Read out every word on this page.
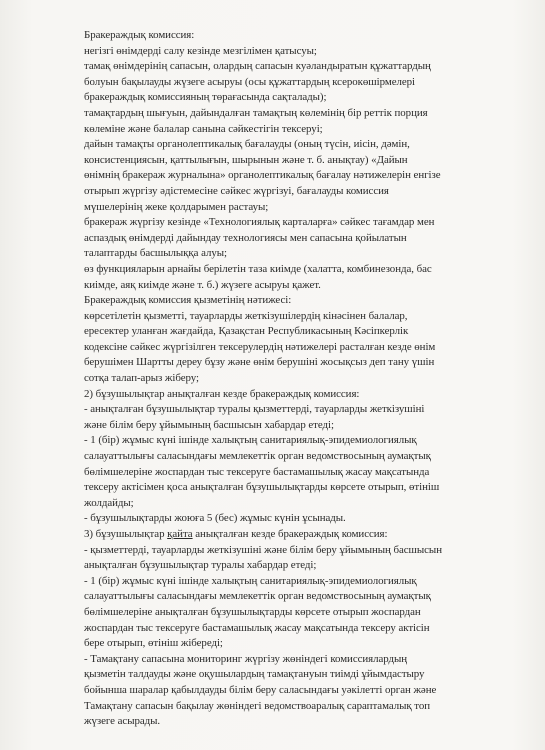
Бракераждық комиссия:
негізгі өнімдерді салу кезінде мезгілімен қатысуы;
тамақ өнімдерінің сапасын, олардың сапасын куәландыратын құжаттардың
болуын бақылауды жүзеге асыруы (осы құжаттардың ксерокөшірмелері
бракераждық комиссияның төрағасында сақталады);
тамақтардың шығуын, дайындалған тамақтың көлемінің бір реттік порция
көлеміне және балалар санына сәйкестігін тексеруі;
дайын тамақты органолептикалық бағалауды (оның түсін, иісін, дәмін,
консистенциясын, қаттылығын, шырынын және т. б. анықтау) «Дайын
өнімнің бракераж журналына» органолептикалық бағалау нәтижелерін енгізе
отырып жүргізу әдістемесіне сәйкес жүргізуі, бағалауды комиссия
мүшелерінің жеке қолдарымен растауы;
бракераж жүргізу кезінде «Технологиялық карталарға» сәйкес тағамдар мен
аспаздық өнімдерді дайындау технологиясы мен сапасына қойылатын
талаптарды басшылыққа алуы;
өз функцияларын арнайы берілетін таза киімде (халатта, комбинезонда, бас
киімде, аяқ киімде және т. б.) жүзеге асыруы қажет.
Бракераждық комиссия қызметінің нәтижесі:
көрсетілетін қызметті, тауарларды жеткізушілердің кінәсінен балалар,
ересектер уланған жағдайда, Қазақстан Республикасының Кәсіпкерлік
кодексіне сәйкес жүргізілген тексерулердің нәтижелері расталған кезде өнім
берушімен Шартты дереу бұзу және өнім берушіні жосықсыз деп тану үшін
сотқа талап-арыз жіберу;
2) бұзушылықтар анықталған кезде бракераждық комиссия:
- анықталған бұзушылықтар туралы қызметтерді, тауарларды жеткізушіні
және білім беру ұйымының басшысын хабардар етеді;
- 1 (бір) жұмыс күні ішінде халықтың санитариялық-эпидемиологиялық
салауаттылығы саласындағы мемлекеттік орган ведомствосының аумақтық
бөлімшелеріне жоспардан тыс тексеруге бастамашылық жасау мақсатында
тексеру актісімен қоса анықталған бұзушылықтарды көрсете отырып, өтініш
жолдайды;
- бұзушылықтарды жоюға 5 (бес) жұмыс күнін ұсынады.
3) бұзушылықтар қайта анықталған кезде бракераждық комиссия:
- қызметтерді, тауарларды жеткізушіні және білім беру ұйымының басшысын
анықталған бұзушылықтар туралы хабардар етеді;
- 1 (бір) жұмыс күні ішінде халықтың санитариялық-эпидемиологиялық
салауаттылығы саласындағы мемлекеттік орган ведомствосының аумақтық
бөлімшелеріне анықталған бұзушылықтарды көрсете отырып жоспардан
жоспардан тыс тексеруге бастамашылық жасау мақсатында тексеру актісін
бере отырып, өтініш жібереді;
- Тамақтану сапасына мониторинг жүргізу жөніндегі комиссиялардың
қызметін талдауды және оқушылардың тамақтануын тиімді ұйымдастыру
бойынша шаралар қабылдауды білім беру саласындағы уәкілетті орган және
Тамақтану сапасын бақылау жөніндегі ведомствоаралық сараптамалық топ
жүзеге асырады.
